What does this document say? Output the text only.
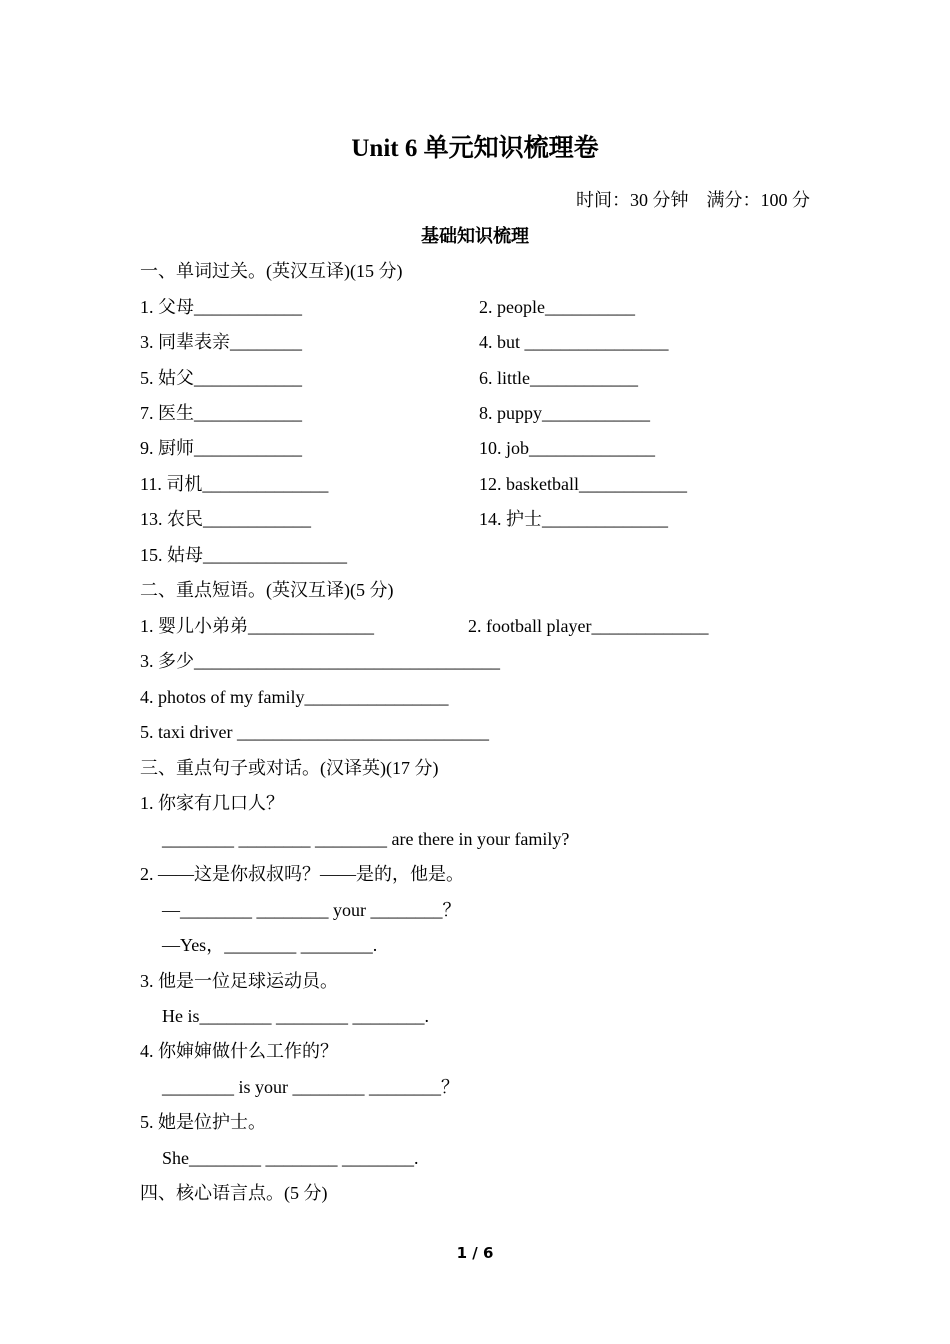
Unit 6 单元知识梳理卷
时间：30 分钟    满分：100 分
基础知识梳理
一、单词过关。(英汉互译)(15 分)
1. 父母____________	2. people__________
3. 同辈表亲________	4. but ________________
5. 姑父____________	6. little____________
7. 医生____________	8. puppy____________
9. 厨师____________	10. job______________
11. 司机______________	12. basketball____________
13. 农民____________	14. 护士______________
15. 姑母________________
二、重点短语。(英汉互译)(5 分)
1. 婴儿小弟弟______________	2. football player_____________
3. 多少__________________________________
4. photos of my family________________
5. taxi driver ____________________________
三、重点句子或对话。(汉译英)(17 分)
1. 你家有几口人？
________ ________ ________ are there in your family?
2. ——这是你叔叔吗？——是的，他是。
—________ ________ your ________？
—Yes，________ ________.
3. 他是一位足球运动员。
He is________ ________ ________.
4. 你婶婶做什么工作的？
________ is your ________ ________？
5. 她是位护士。
She________ ________ ________.
四、核心语言点。(5 分)
1 / 6
